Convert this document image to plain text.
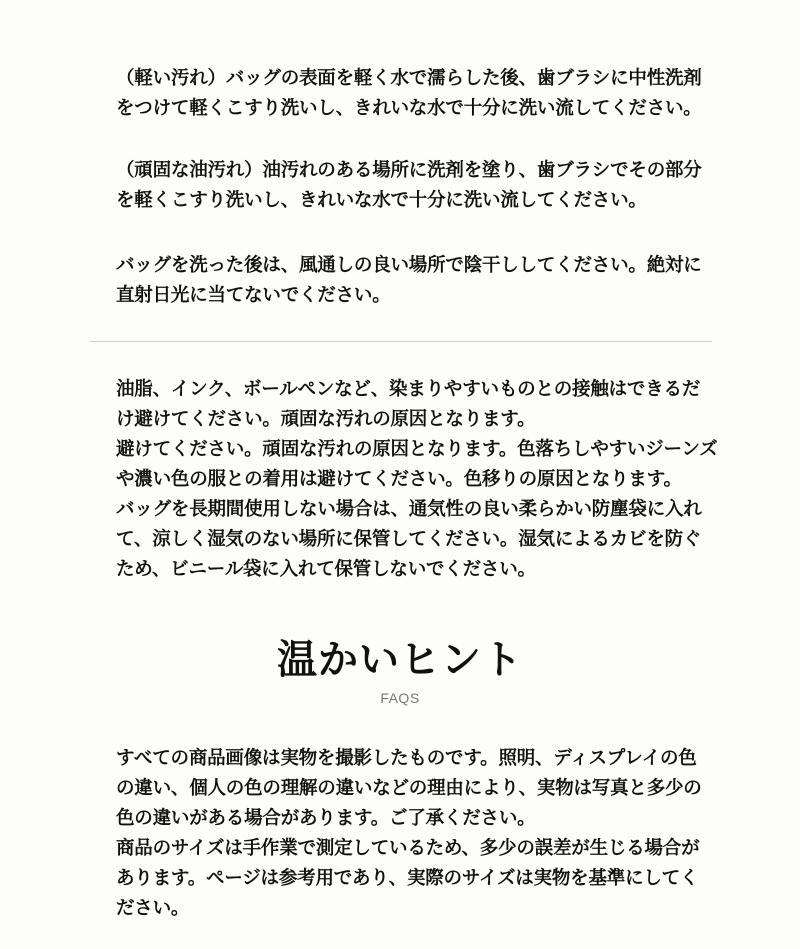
（軽い汚れ）バッグの表面を軽く水で濡らした後、歯ブラシに中性洗剤
をつけて軽くこすり洗いし、きれいな水で十分に洗い流してください。
（頑固な油汚れ）油汚れのある場所に洗剤を塗り、歯ブラシでその部分
を軽くこすり洗いし、きれいな水で十分に洗い流してください。
バッグを洗った後は、風通しの良い場所で陰干ししてください。絶対に
直射日光に当てないでください。
油脂、インク、ボールペンなど、染まりやすいものとの接触はできるだ
け避けてください。頑固な汚れの原因となります。
避けてください。頑固な汚れの原因となります。色落ちしやすいジーンズ
や濃い色の服との着用は避けてください。色移りの原因となります。
バッグを長期間使用しない場合は、通気性の良い柔らかい防塵袋に入れ
て、涼しく湿気のない場所に保管してください。湿気によるカビを防ぐ
ため、ビニール袋に入れて保管しないでください。
温かいヒント
FAQS
すべての商品画像は実物を撮影したものです。照明、ディスプレイの色
の違い、個人の色の理解の違いなどの理由により、実物は写真と多少の
色の違いがある場合があります。ご了承ください。
商品のサイズは手作業で測定しているため、多少の誤差が生じる場合が
あります。ページは参考用であり、実際のサイズは実物を基準にしてく
ださい。
